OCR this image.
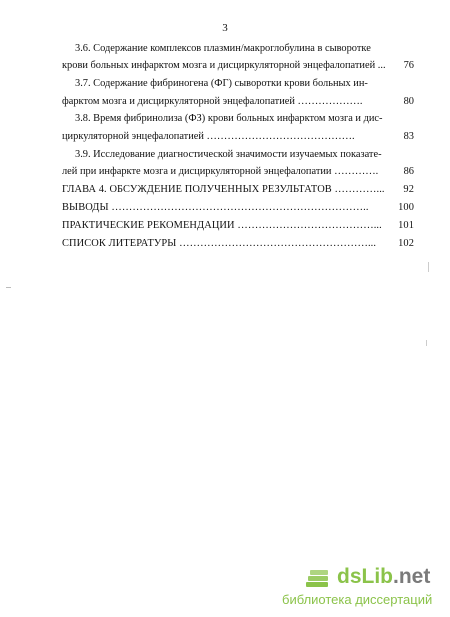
3
3.6. Содержание комплексов плазмин/макроглобулина в сыворотке
крови больных инфарктом мозга и дисциркуляторной энцефалопатией ... 76
3.7. Содержание фибриногена (ФГ) сыворотки крови больных ин-
фарктом мозга и дисциркуляторной энцефалопатией ……………….	80
3.8. Время фибринолиза (ФЗ) крови больных инфарктом мозга и дис-
циркуляторной энцефалопатией …………………………………….	83
3.9. Исследование диагностической значимости изучаемых показате-
лей при инфаркте мозга и дисциркуляторной энцефалопатии …………. 86
ГЛАВА 4. ОБСУЖДЕНИЕ ПОЛУЧЕННЫХ РЕЗУЛЬТАТОВ …………... 92
ВЫВОДЫ ………………………………………………………………..	100
ПРАКТИЧЕСКИЕ РЕКОМЕНДАЦИИ …………………………………... 101
СПИСОК ЛИТЕРАТУРЫ ………………………………………………... 102
dsLib.net
библиотека диссертаций
